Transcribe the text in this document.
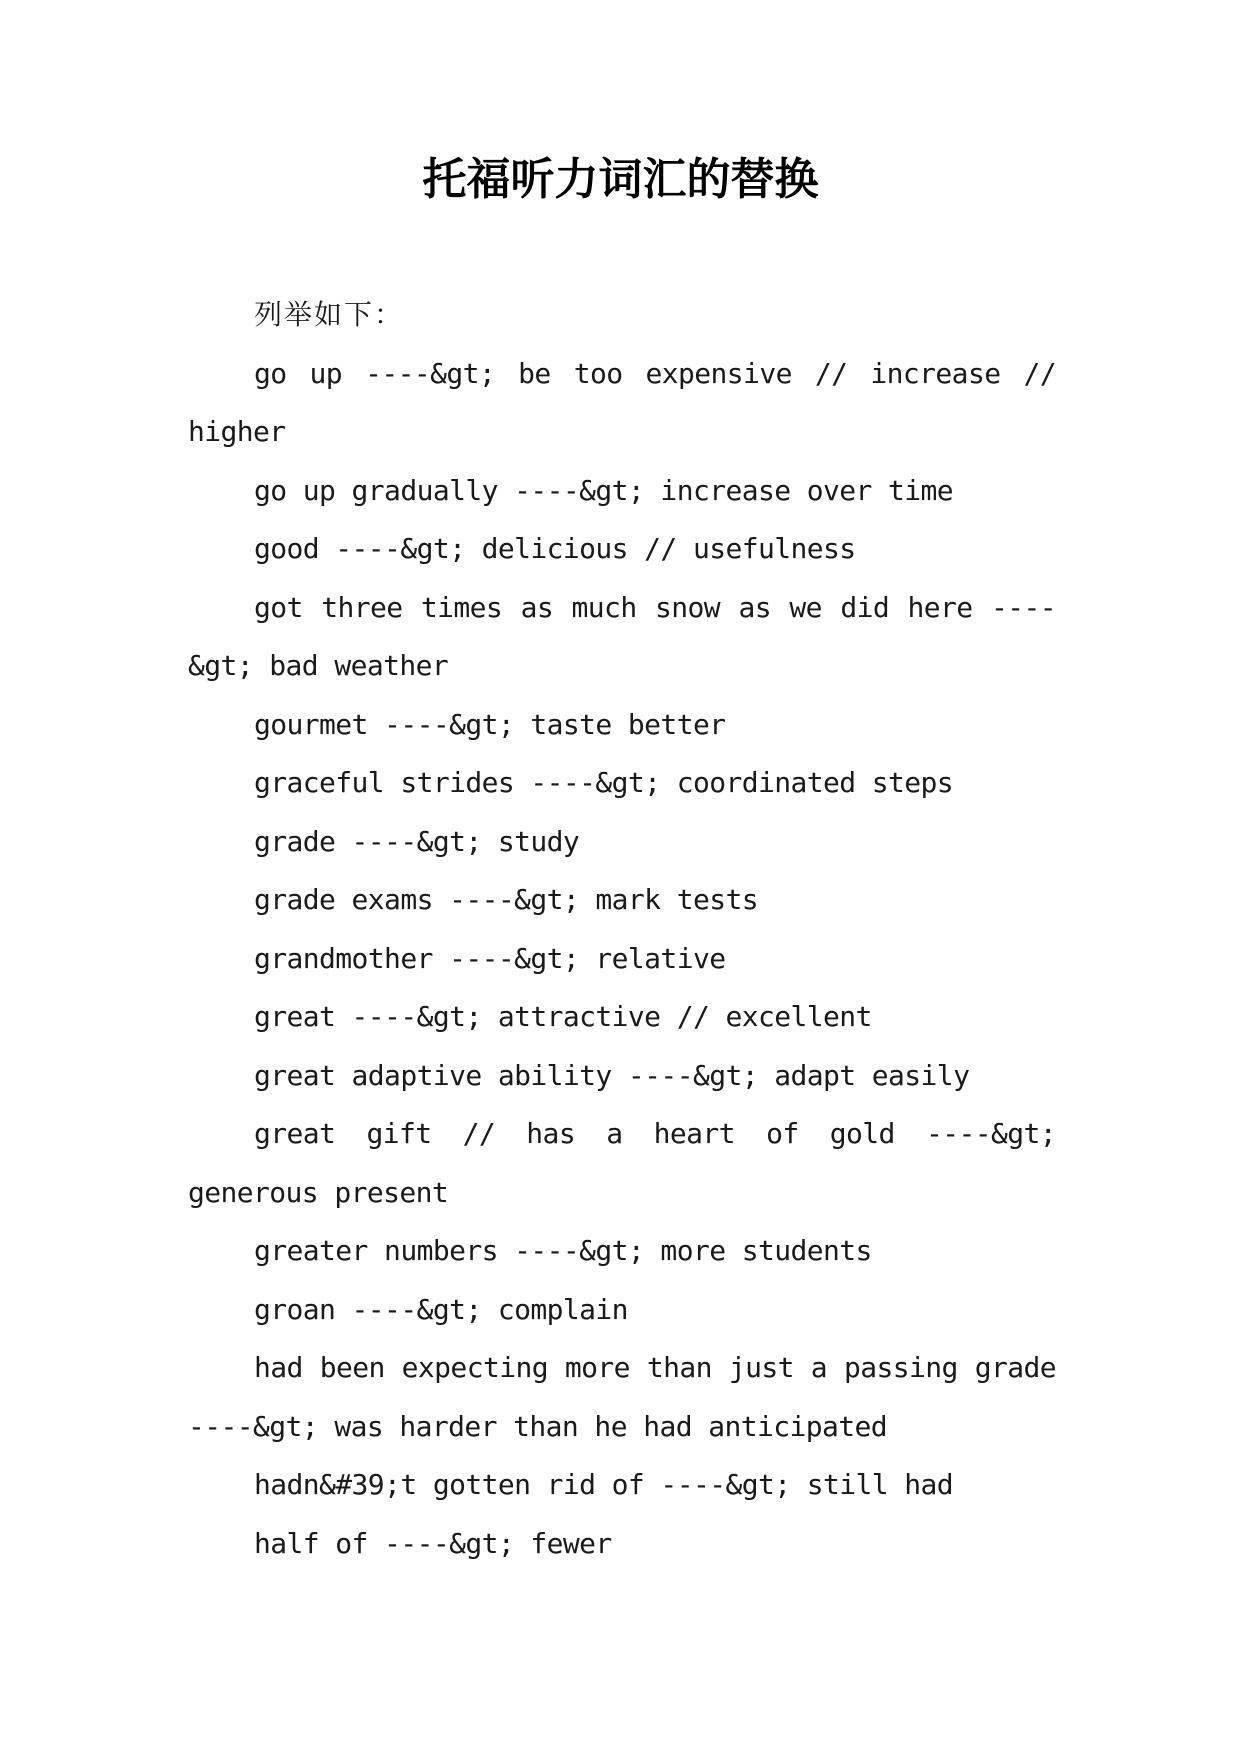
托福听力词汇的替换

列举如下：

go up ----&gt; be too expensive // increase // higher

go up gradually ----&gt; increase over time

good ----&gt; delicious // usefulness

got three times as much snow as we did here ----&gt; bad weather

gourmet ----&gt; taste better

graceful strides ----&gt; coordinated steps

grade ----&gt; study

grade exams ----&gt; mark tests

grandmother ----&gt; relative

great ----&gt; attractive // excellent

great adaptive ability ----&gt; adapt easily

great gift // has a heart of gold ----&gt; generous present

greater numbers ----&gt; more students

groan ----&gt; complain

had been expecting more than just a passing grade ----&gt; was harder than he had anticipated

hadn&#39;t gotten rid of ----&gt; still had

half of ----&gt; fewer
